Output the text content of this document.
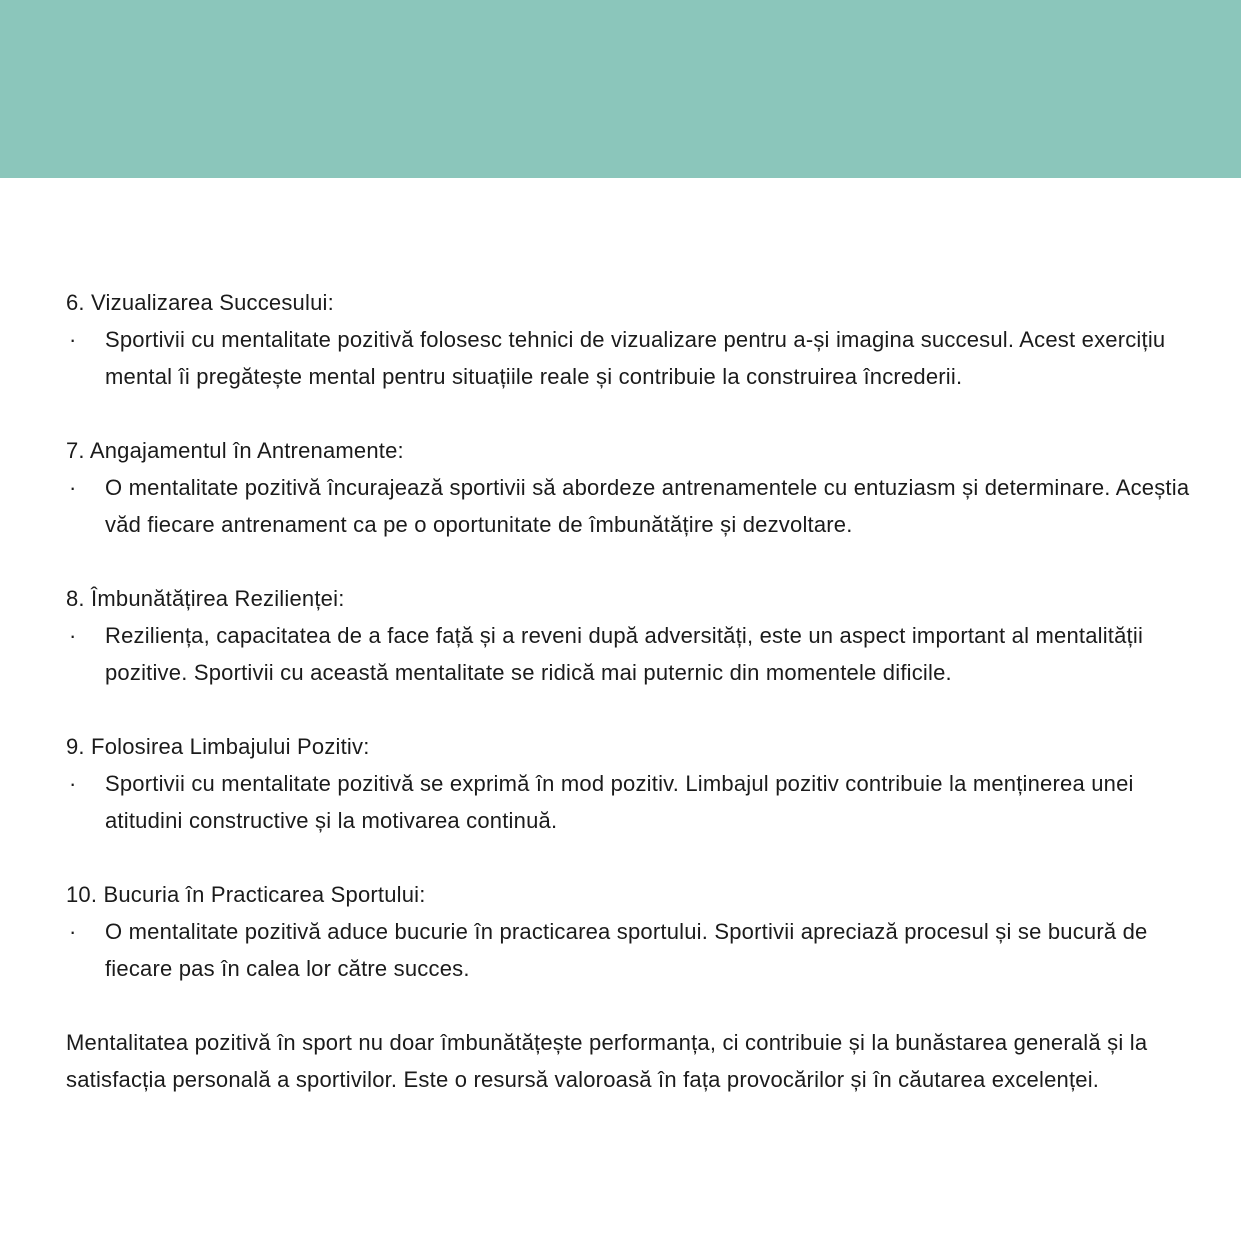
6. Vizualizarea Succesului:
·	Sportivii cu mentalitate pozitivă folosesc tehnici de vizualizare pentru a-și imagina succesul. Acest exercițiu mental îi pregătește mental pentru situațiile reale și contribuie la construirea încrederii.
7. Angajamentul în Antrenamente:
·	O mentalitate pozitivă încurajează sportivii să abordeze antrenamentele cu entuziasm și determinare. Aceștia văd fiecare antrenament ca pe o oportunitate de îmbunătățire și dezvoltare.
8. Îmbunătățirea Rezilienței:
·	Reziliența, capacitatea de a face față și a reveni după adversități, este un aspect important al mentalității pozitive. Sportivii cu această mentalitate se ridică mai puternic din momentele dificile.
9. Folosirea Limbajului Pozitiv:
·	Sportivii cu mentalitate pozitivă se exprimă în mod pozitiv. Limbajul pozitiv contribuie la menținerea unei atitudini constructive și la motivarea continuă.
10. Bucuria în Practicarea Sportului:
·	O mentalitate pozitivă aduce bucurie în practicarea sportului. Sportivii apreciază procesul și se bucură de fiecare pas în calea lor către succes.

Mentalitatea pozitivă în sport nu doar îmbunătățește performanța, ci contribuie și la bunăstarea generală și la satisfacția personală a sportivilor. Este o resursă valoroasă în fața provocărilor și în căutarea excelenței.
